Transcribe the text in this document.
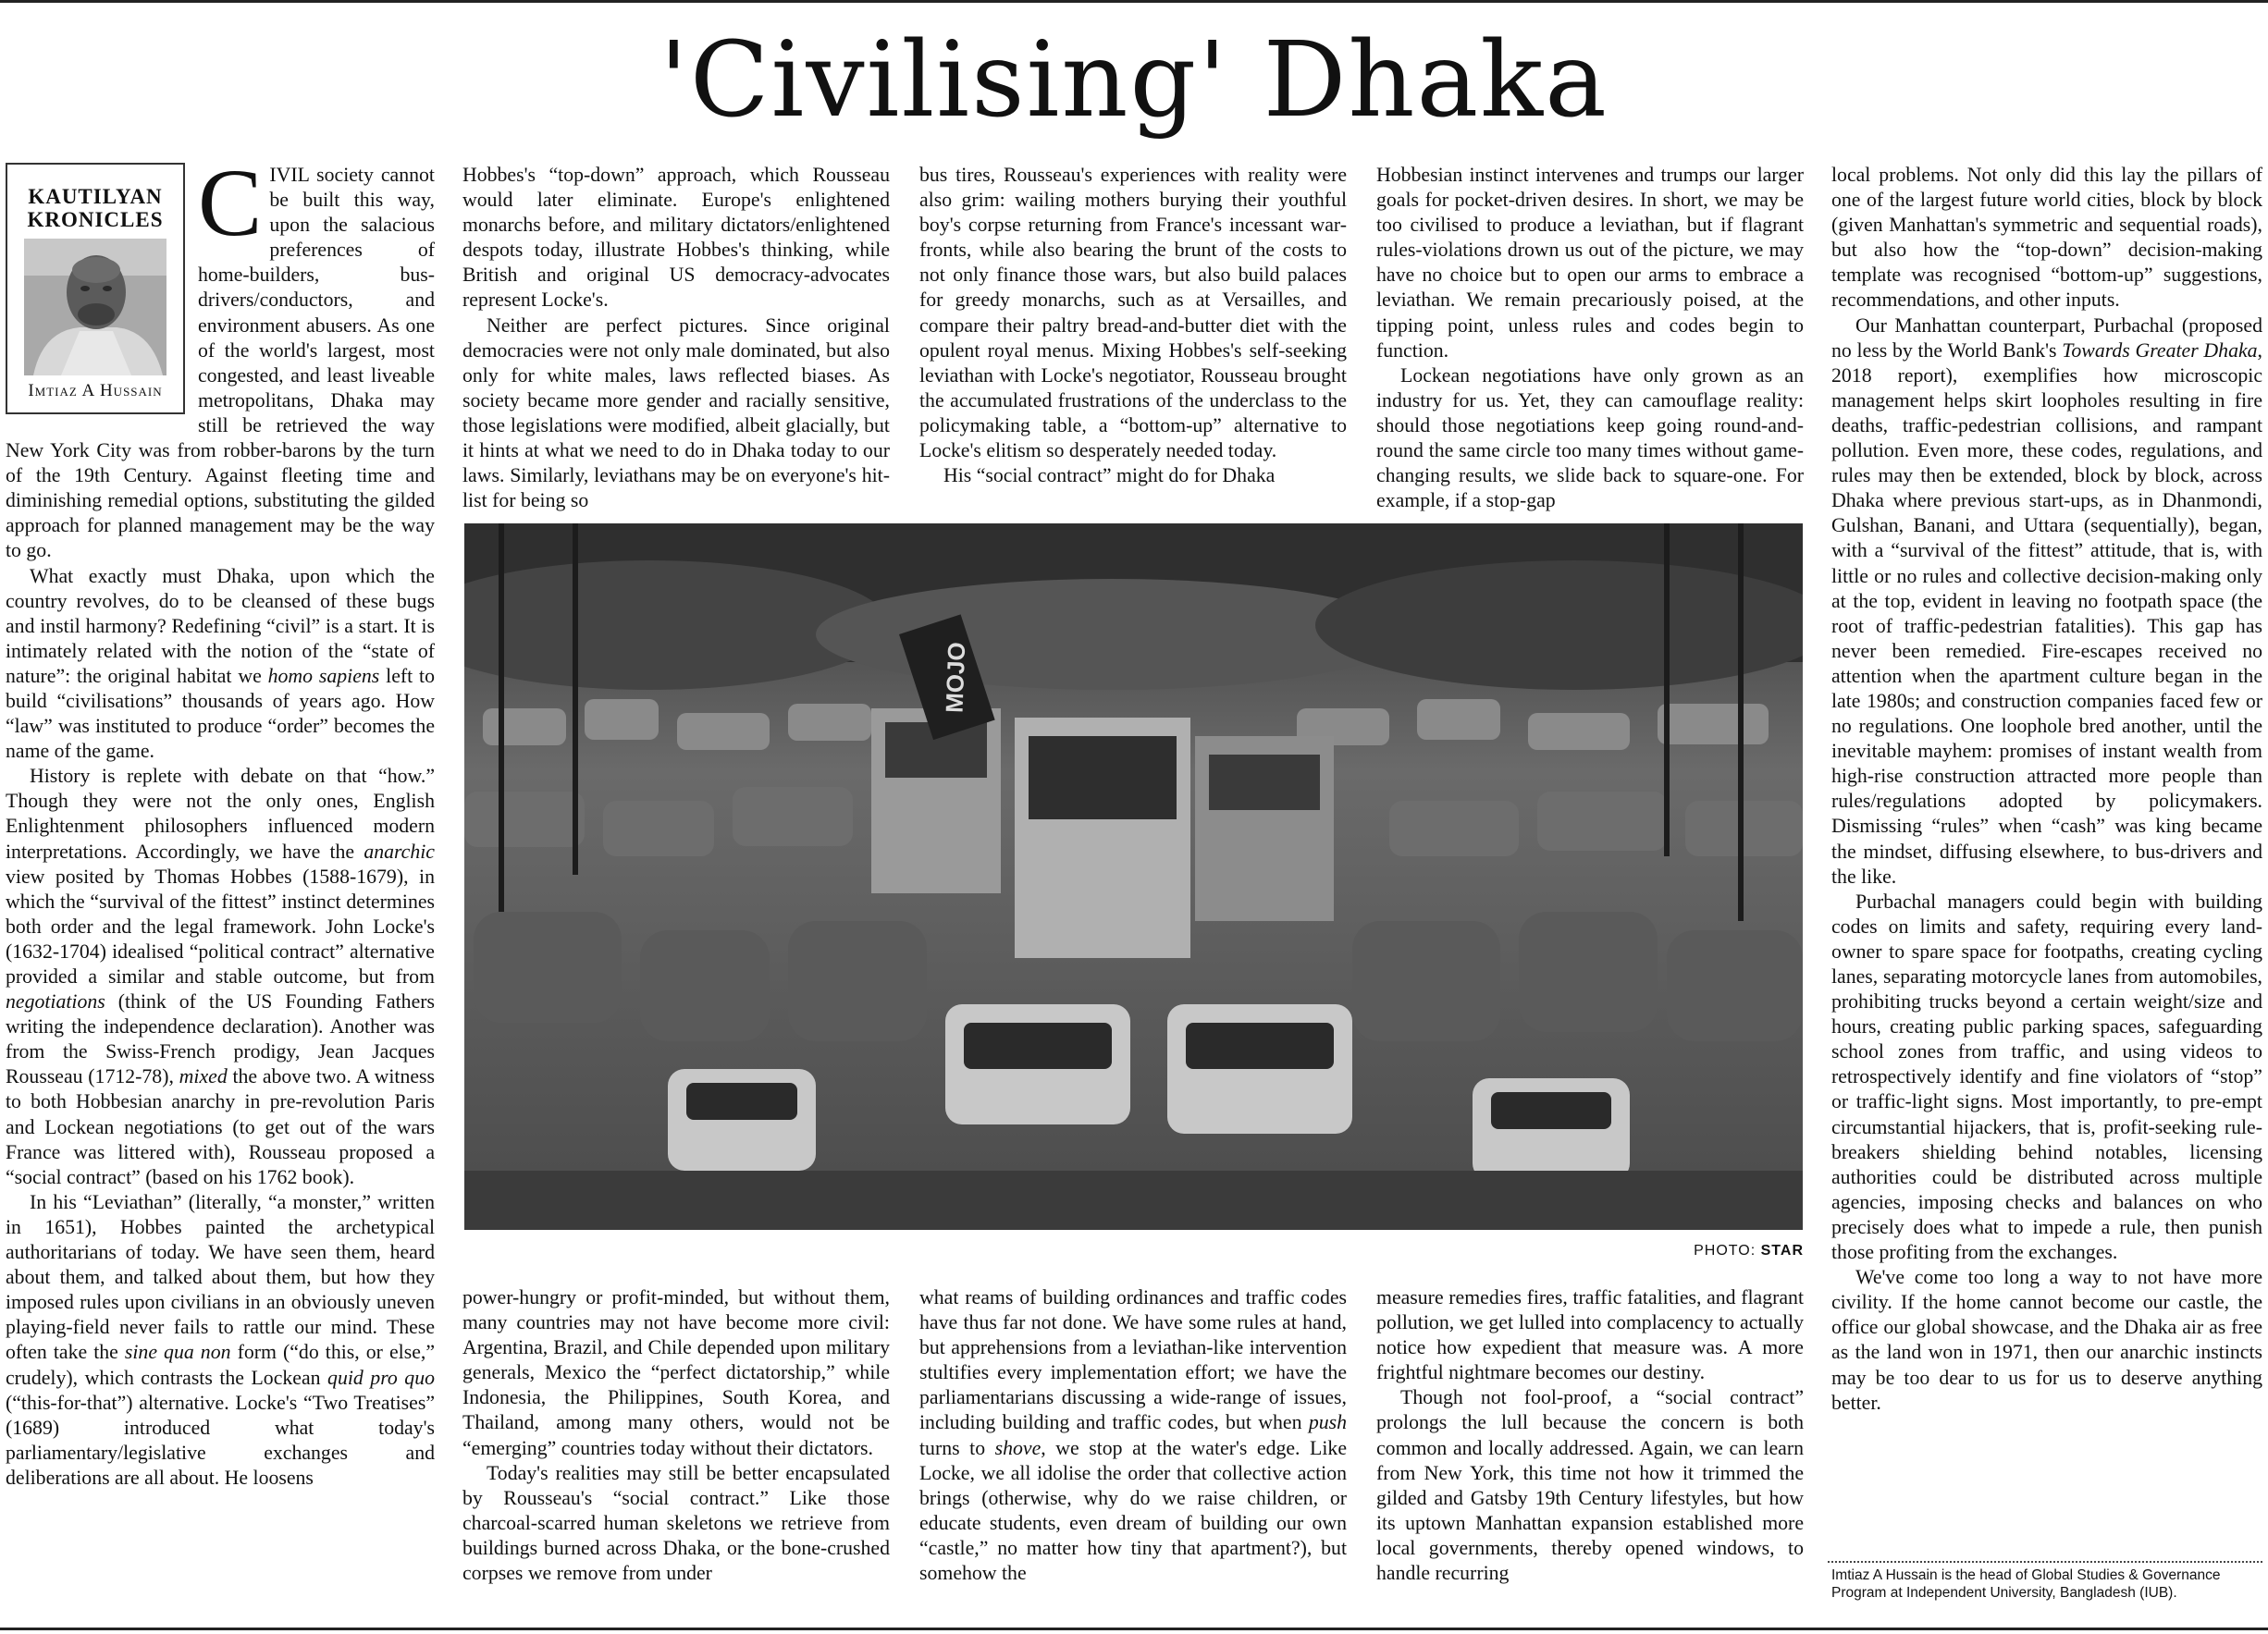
'Civilising' Dhaka
KAUTILYAN
KRONICLES
Imtiaz A Hussain

CIVIL society cannot be built this way, upon the salacious preferences of home-builders, bus-drivers/conductors, and environment abusers. As one of the world's largest, most congested, and least liveable metropolitans, Dhaka may still be retrieved the way New York City was from robber-barons by the turn of the 19th Century. Against fleeting time and diminishing remedial options, substituting the gilded approach for planned management may be the way to go.

What exactly must Dhaka, upon which the country revolves, do to be cleansed of these bugs and instil harmony? Redefining “civil” is a start. It is intimately related with the notion of the “state of nature”: the original habitat we homo sapiens left to build “civilisations” thousands of years ago. How “law” was instituted to produce “order” becomes the name of the game.

History is replete with debate on that “how.” Though they were not the only ones, English Enlightenment philosophers influenced modern interpretations. Accordingly, we have the anarchic view posited by Thomas Hobbes (1588-1679), in which the “survival of the fittest” instinct determines both order and the legal framework. John Locke's (1632-1704) idealised “political contract” alternative provided a similar and stable outcome, but from negotiations (think of the US Founding Fathers writing the independence declaration). Another was from the Swiss-French prodigy, Jean Jacques Rousseau (1712-78), mixed the above two. A witness to both Hobbesian anarchy in pre-revolution Paris and Lockean negotiations (to get out of the wars France was littered with), Rousseau proposed a “social contract” (based on his 1762 book).

In his “Leviathan” (literally, “a monster,” written in 1651), Hobbes painted the archetypical authoritarians of today. We have seen them, heard about them, and talked about them, but how they imposed rules upon civilians in an obviously uneven playing-field never fails to rattle our mind. These often take the sine qua non form (“do this, or else,” crudely), which contrasts the Lockean quid pro quo (“this-for-that”) alternative. Locke's “Two Treatises” (1689) introduced what today's parliamentary/legislative exchanges and deliberations are all about. He loosens

Hobbes's “top-down” approach, which Rousseau would later eliminate. Europe's enlightened monarchs before, and military dictators/enlightened despots today, illustrate Hobbes's thinking, while British and original US democracy-advocates represent Locke's.

Neither are perfect pictures. Since original democracies were not only male dominated, but also only for white males, laws reflected biases. As society became more gender and racially sensitive, those legislations were modified, albeit glacially, but it hints at what we need to do in Dhaka today to our laws. Similarly, leviathans may be on everyone's hit-list for being so

bus tires, Rousseau's experiences with reality were also grim: wailing mothers burying their youthful boy's corpse returning from France's incessant war-fronts, while also bearing the brunt of the costs to not only finance those wars, but also build palaces for greedy monarchs, such as at Versailles, and compare their paltry bread-and-butter diet with the opulent royal menus. Mixing Hobbes's self-seeking leviathan with Locke's negotiator, Rousseau brought the accumulated frustrations of the underclass to the policymaking table, a “bottom-up” alternative to Locke's elitism so desperately needed today.

His “social contract” might do for Dhaka

Hobbesian instinct intervenes and trumps our larger goals for pocket-driven desires. In short, we may be too civilised to produce a leviathan, but if flagrant rules-violations drown us out of the picture, we may have no choice but to open our arms to embrace a leviathan. We remain precariously poised, at the tipping point, unless rules and codes begin to function.

Lockean negotiations have only grown as an industry for us. Yet, they can camouflage reality: should those negotiations keep going round-and-round the same circle too many times without game-changing results, we slide back to square-one. For example, if a stop-gap

MOJO
PHOTO: STAR

power-hungry or profit-minded, but without them, many countries may not have become more civil: Argentina, Brazil, and Chile depended upon military generals, Mexico the “perfect dictatorship,” while Indonesia, the Philippines, South Korea, and Thailand, among many others, would not be “emerging” countries today without their dictators.

Today's realities may still be better encapsulated by Rousseau's “social contract.” Like those charcoal-scarred human skeletons we retrieve from buildings burned across Dhaka, or the bone-crushed corpses we remove from under

what reams of building ordinances and traffic codes have thus far not done. We have some rules at hand, but apprehensions from a leviathan-like intervention stultifies every implementation effort; we have the parliamentarians discussing a wide-range of issues, including building and traffic codes, but when push turns to shove, we stop at the water's edge. Like Locke, we all idolise the order that collective action brings (otherwise, why do we raise children, or educate students, even dream of building our own “castle,” no matter how tiny that apartment?), but somehow the

measure remedies fires, traffic fatalities, and flagrant pollution, we get lulled into complacency to actually notice how expedient that measure was. A more frightful nightmare becomes our destiny.

Though not fool-proof, a “social contract” prolongs the lull because the concern is both common and locally addressed. Again, we can learn from New York, this time not how it trimmed the gilded and Gatsby 19th Century lifestyles, but how its uptown Manhattan expansion established more local governments, thereby opened windows, to handle recurring

local problems. Not only did this lay the pillars of one of the largest future world cities, block by block (given Manhattan's symmetric and sequential roads), but also how the “top-down” decision-making template was recognised “bottom-up” suggestions, recommendations, and other inputs.

Our Manhattan counterpart, Purbachal (proposed no less by the World Bank's Towards Greater Dhaka, 2018 report), exemplifies how microscopic management helps skirt loopholes resulting in fire deaths, traffic-pedestrian collisions, and rampant pollution. Even more, these codes, regulations, and rules may then be extended, block by block, across Dhaka where previous start-ups, as in Dhanmondi, Gulshan, Banani, and Uttara (sequentially), began, with a “survival of the fittest” attitude, that is, with little or no rules and collective decision-making only at the top, evident in leaving no footpath space (the root of traffic-pedestrian fatalities). This gap has never been remedied. Fire-escapes received no attention when the apartment culture began in the late 1980s; and construction companies faced few or no regulations. One loophole bred another, until the inevitable mayhem: promises of instant wealth from high-rise construction attracted more people than rules/regulations adopted by policymakers. Dismissing “rules” when “cash” was king became the mindset, diffusing elsewhere, to bus-drivers and the like.

Purbachal managers could begin with building codes on limits and safety, requiring every land-owner to spare space for footpaths, creating cycling lanes, separating motorcycle lanes from automobiles, prohibiting trucks beyond a certain weight/size and hours, creating public parking spaces, safeguarding school zones from traffic, and using videos to retrospectively identify and fine violators of “stop” or traffic-light signs. Most importantly, to pre-empt circumstantial hijackers, that is, profit-seeking rule-breakers shielding behind notables, licensing authorities could be distributed across multiple agencies, imposing checks and balances on who precisely does what to impede a rule, then punish those profiting from the exchanges.

We've come too long a way to not have more civility. If the home cannot become our castle, the office our global showcase, and the Dhaka air as free as the land won in 1971, then our anarchic instincts may be too dear to us for us to deserve anything better.

Imtiaz A Hussain is the head of Global Studies & Governance Program at Independent University, Bangladesh (IUB).
